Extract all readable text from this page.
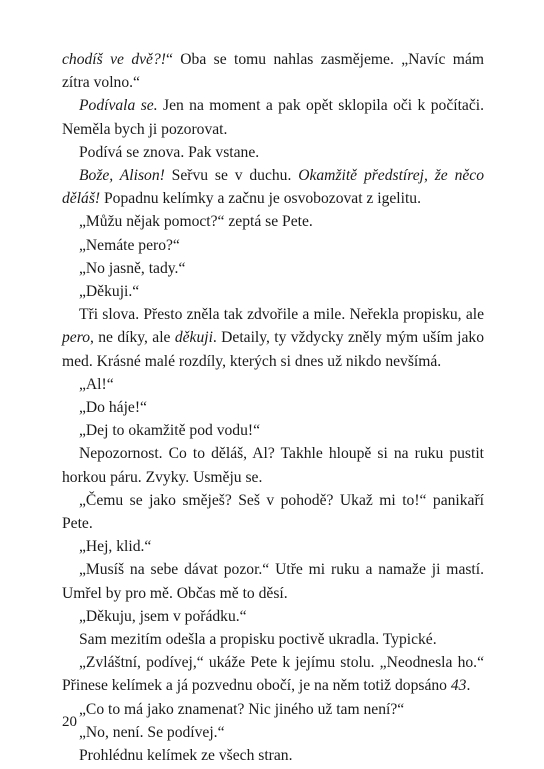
chodíš ve dvě?!“ Oba se tomu nahlas zasmějeme. „Navíc mám zítra volno.“

Podívala se. Jen na moment a pak opět sklopila oči k počítači. Neměla bych ji pozorovat.

Podívá se znova. Pak vstane.

Bože, Alison! Seřvu se v duchu. Okamžitě předstírej, že něco děláš! Popadnu kelímky a začnu je osvobozovat z igelitu.

„Můžu nějak pomoct?“ zeptá se Pete.

„Nemáte pero?“

„No jasně, tady.“

„Děkuji.“

Tři slova. Přesto zněla tak zdvořile a mile. Neřekla propisku, ale pero, ne díky, ale děkuji. Detaily, ty vždycky zněly mým uším jako med. Krásné malé rozdíly, kterých si dnes už nikdo nevšímá.

„Al!“

„Do háje!“

„Dej to okamžitě pod vodu!“

Nepozornost. Co to děláš, Al? Takhle hloupě si na ruku pustit horkou páru. Zvyky. Usměju se.

„Čemu se jako směješ? Seš v pohodě? Ukaž mi to!“ panikaří Pete.

„Hej, klid.“

„Musíš na sebe dávat pozor.“ Utře mi ruku a namaže ji mastí. Umřel by pro mě. Občas mě to děsí.

„Děkuju, jsem v pořádku.“

Sam mezitím odešla a propisku poctivě ukradla. Typické.

„Zvláštní, podívej,“ ukáže Pete k jejímu stolu. „Neodnesla ho.“ Přinese kelímek a já pozvednu obočí, je na něm totiž dopsáno 43.

„Co to má jako znamenat? Nic jiného už tam není?“

„No, není. Se podívej.“

Prohlédnu kelímek ze všech stran.

20
